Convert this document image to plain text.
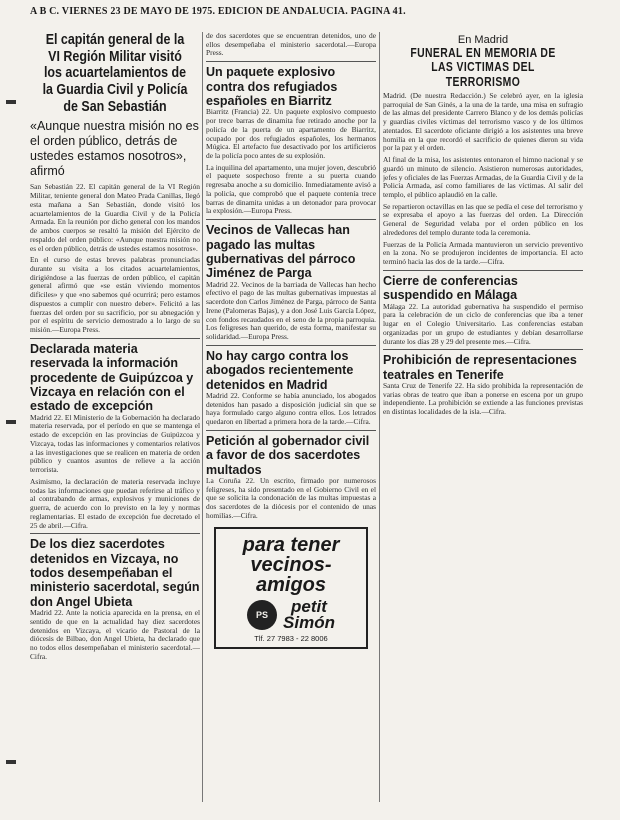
A B C. VIERNES 23 DE MAYO DE 1975. EDICION DE ANDALUCIA. PAGINA 41.
El capitán general de la VI Región Militar visitó los acuartelamientos de la Guardia Civil y Policía de San Sebastián
«Aunque nuestra misión no es el orden público, detrás de ustedes estamos nosotros», afirmó

San Sebastián 22. El capitán general de la VI Región Militar, teniente general don Mateo Prada Canillas, llegó esta mañana a San Sebastián, donde visitó los acuartelamientos de la Guardia Civil y de la Policía Armada. En la reunión por dicho general con los mandos de ambos cuerpos se resaltó la misión del Ejército de respaldo del orden público: «Aunque nuestra misión no es el orden público, detrás de ustedes estamos nosotros».

En el curso de estas breves palabras pronunciadas durante su visita a los citados acuartelamientos, dirigiéndose a las fuerzas de orden público, el capitán general afirmó que «se están viviendo momentos difíciles» y que «no sabemos qué ocurrirá; pero estamos dispuestos a cumplir con nuestro deber». Felicitó a las fuerzas del orden por su sacrificio, por su abnegación y por el espíritu de servicio demostrado a lo largo de su misión.—Europa Press.

Declarada materia reservada la información procedente de Guipúzcoa y Vizcaya en relación con el estado de excepción

Madrid 22. El Ministerio de la Gobernación ha declarado materia reservada, por el período en que se mantenga el estado de excepción en las provincias de Guipúzcoa y Vizcaya, todas las informaciones y comentarios relativos a las investigaciones que se realicen en materia de orden público y cuantos asuntos de relieve a la acción terrorista.

Asimismo, la declaración de materia reservada incluye todas las informaciones que puedan referirse al tráfico y al contrabando de armas, explosivos y municiones de guerra, de acuerdo con lo previsto en la ley y normas reglamentarias. El estado de excepción fue decretado el 25 de abril.—Cifra.

De los diez sacerdotes detenidos en Vizcaya, no todos desempeñaban el ministerio sacerdotal, según don Angel Ubieta

Madrid 22. Ante la noticia aparecida en la prensa, en el sentido de que en la actualidad hay diez sacerdotes detenidos en Vizcaya, el vicario de Pastoral de la diócesis de Bilbao, don Angel Ubieta, ha declarado que no todos ellos desempeñaban el ministerio sacerdotal.—Cifra.

de dos sacerdotes que se encuentran detenidos, uno de ellos desempeñaba el ministerio sacerdotal.—Europa Press.

Un paquete explosivo contra dos refugiados españoles en Biarritz

Biarritz (Francia) 22. Un paquete explosivo compuesto por trece barras de dinamita fue retirado anoche por la policía de la puerta de un apartamento de Biarritz, ocupado por dos refugiados españoles, los hermanos Múgica. El artefacto fue desactivado por los artificieros de la policía poco antes de su explosión.

La inquilina del apartamento, una mujer joven, descubrió el paquete sospechoso frente a su puerta cuando regresaba anoche a su domicilio. Inmediatamente avisó a la policía, que comprobó que el paquete contenía trece barras de dinamita unidas a un detonador para provocar la explosión.—Europa Press.

Vecinos de Vallecas han pagado las multas gubernativas del párroco Jiménez de Parga

Madrid 22. Vecinos de la barriada de Vallecas han hecho efectivo el pago de las multas gubernativas impuestas al sacerdote don Carlos Jiménez de Parga, párroco de Santa Irene (Palomeras Bajas), y a don José Luis García López, con fondos recaudados en el seno de la propia parroquia. Los feligreses han querido, de esta forma, manifestar su solidaridad.—Europa Press.

No hay cargo contra los abogados recientemente detenidos en Madrid

Madrid 22. Conforme se había anunciado, los abogados detenidos han pasado a disposición judicial sin que se haya formulado cargo alguno contra ellos. Los letrados quedaron en libertad a primera hora de la tarde.—Cifra.

Petición al gobernador civil a favor de dos sacerdotes multados

La Coruña 22. Un escrito, firmado por numerosos feligreses, ha sido presentado en el Gobierno Civil en el que se solicita la condonación de las multas impuestas a dos sacerdotes de la diócesis por el contenido de unas homilías.—Cifra.

para tener
vecinos-amigos
PS	petit
Simón
Tlf. 27 7983 - 22 8006
En Madrid
FUNERAL EN MEMORIA DE LAS VICTIMAS DEL TERRORISMO

Madrid. (De nuestra Redacción.) Se celebró ayer, en la iglesia parroquial de San Ginés, a la una de la tarde, una misa en sufragio de las almas del presidente Carrero Blanco y de los demás policías y guardias civiles víctimas del terrorismo vasco y de los últimos atentados. El sacerdote oficiante dirigió a los asistentes una breve homilía en la que recordó el sacrificio de quienes dieron su vida por la paz y el orden.

Al final de la misa, los asistentes entonaron el himno nacional y se guardó un minuto de silencio. Asistieron numerosas autoridades, jefes y oficiales de las Fuerzas Armadas, de la Guardia Civil y de la Policía Armada, así como familiares de las víctimas. Al salir del templo, el público aplaudió en la calle.

Se repartieron octavillas en las que se pedía el cese del terrorismo y se expresaba el apoyo a las fuerzas del orden. La Dirección General de Seguridad velaba por el orden público en los alrededores del templo durante toda la ceremonia.

Fuerzas de la Policía Armada mantuvieron un servicio preventivo en la zona. No se produjeron incidentes de importancia. El acto terminó hacia las dos de la tarde.—Cifra.

Cierre de conferencias suspendido en Málaga

Málaga 22. La autoridad gubernativa ha suspendido el permiso para la celebración de un ciclo de conferencias que iba a tener lugar en el Colegio Universitario. Las conferencias estaban organizadas por un grupo de estudiantes y debían desarrollarse durante los días 28 y 29 del presente mes.—Cifra.

Prohibición de representaciones teatrales en Tenerife

Santa Cruz de Tenerife 22. Ha sido prohibida la representación de varias obras de teatro que iban a ponerse en escena por un grupo independiente. La prohibición se extiende a las funciones previstas en distintas localidades de la isla.—Cifra.
